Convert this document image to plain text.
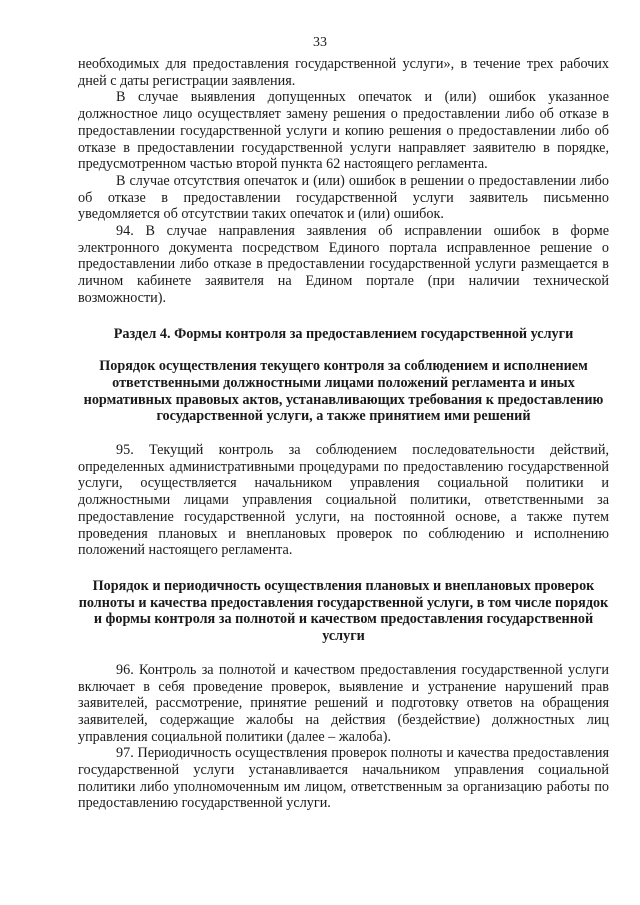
33

необходимых для предоставления государственной услуги», в течение трех рабочих дней с даты регистрации заявления.

В случае выявления допущенных опечаток и (или) ошибок указанное должностное лицо осуществляет замену решения о предоставлении либо об отказе в предоставлении государственной услуги и копию решения о предоставлении либо об отказе в предоставлении государственной услуги направляет заявителю в порядке, предусмотренном частью второй пункта 62 настоящего регламента.

В случае отсутствия опечаток и (или) ошибок в решении о предоставлении либо об отказе в предоставлении государственной услуги заявитель письменно уведомляется об отсутствии таких опечаток и (или) ошибок.

94. В случае направления заявления об исправлении ошибок в форме электронного документа посредством Единого портала исправленное решение о предоставлении либо отказе в предоставлении государственной услуги размещается в личном кабинете заявителя на Едином портале (при наличии технической возможности).

Раздел 4. Формы контроля за предоставлением государственной услуги
Порядок осуществления текущего контроля за соблюдением и исполнением ответственными должностными лицами положений регламента и иных нормативных правовых актов, устанавливающих требования к предоставлению государственной услуги, а также принятием ими решений

95. Текущий контроль за соблюдением последовательности действий, определенных административными процедурами по предоставлению государственной услуги, осуществляется начальником управления социальной политики и должностными лицами управления социальной политики, ответственными за предоставление государственной услуги, на постоянной основе, а также путем проведения плановых и внеплановых проверок по соблюдению и исполнению положений настоящего регламента.

Порядок и периодичность осуществления плановых и внеплановых проверок полноты и качества предоставления государственной услуги, в том числе порядок и формы контроля за полнотой и качеством предоставления государственной услуги

96. Контроль за полнотой и качеством предоставления государственной услуги включает в себя проведение проверок, выявление и устранение нарушений прав заявителей, рассмотрение, принятие решений и подготовку ответов на обращения заявителей, содержащие жалобы на действия (бездействие) должностных лиц управления социальной политики (далее – жалоба).

97. Периодичность осуществления проверок полноты и качества предоставления государственной услуги устанавливается начальником управления социальной политики либо уполномоченным им лицом, ответственным за организацию работы по предоставлению государственной услуги.
